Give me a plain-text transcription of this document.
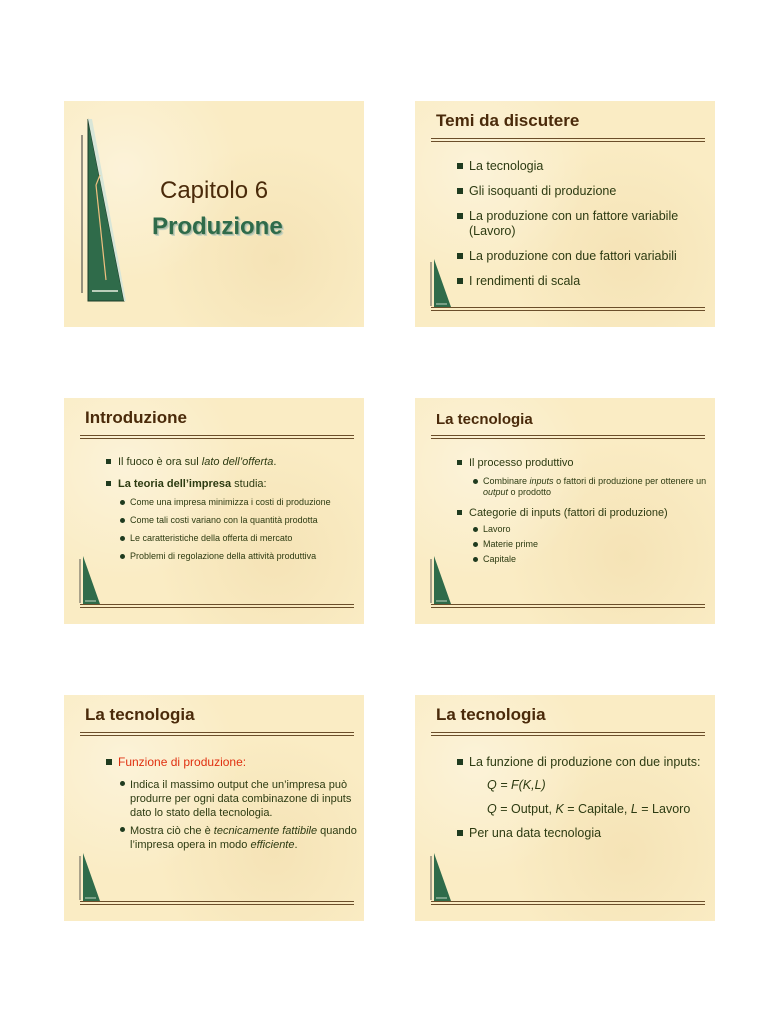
Capitolo 6
Produzione
Temi da discutere
La tecnologia
Gli isoquanti di produzione
La produzione con un fattore variabile (Lavoro)
La produzione con due fattori variabili
I rendimenti di scala
Introduzione
Il fuoco è ora sul lato dell’offerta.
La teoria dell’impresa studia:
Come una impresa minimizza i costi di produzione
Come tali costi variano con la quantità prodotta
Le caratteristiche della offerta di mercato
Problemi di regolazione della attività produttiva
La tecnologia
Il processo produttivo
Combinare inputs o fattori di produzione per ottenere un output o prodotto
Categorie di inputs (fattori di produzione)
Lavoro
Materie prime
Capitale
La tecnologia
Funzione di produzione:
Indica il massimo output che un’impresa può produrre per ogni data combinazone di inputs dato lo stato della tecnologia.
Mostra ciò che è tecnicamente fattibile quando l’impresa opera in modo efficiente.
La tecnologia
La funzione di produzione con due inputs:
Q = F(K,L)
Q = Output, K = Capitale, L = Lavoro
Per una data tecnologia
